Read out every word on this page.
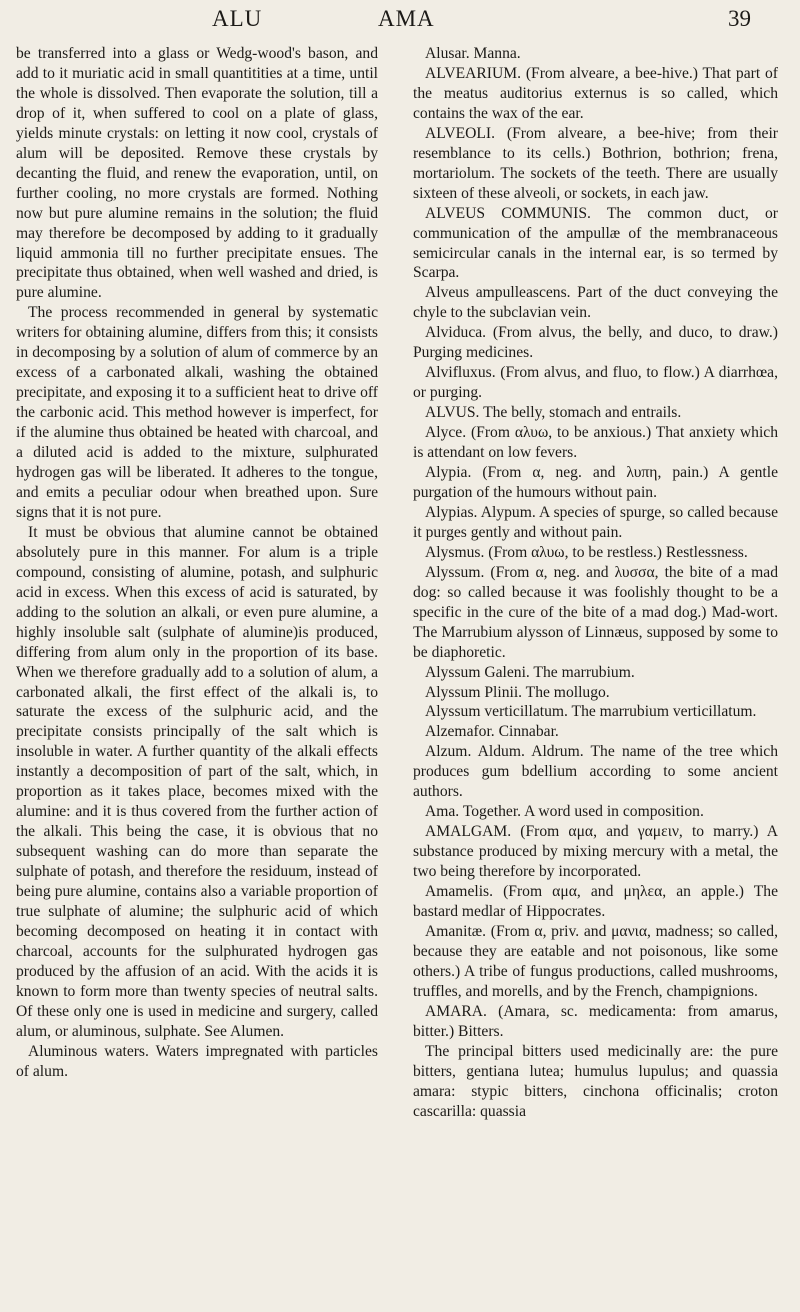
ALU	AMA	39

be transferred into a glass or Wedg-wood's bason, and add to it muriatic acid in small quantitities at a time, until the whole is dissolved. Then evaporate the solution, till a drop of it, when suffered to cool on a plate of glass, yields minute crystals: on letting it now cool, crystals of alum will be deposited. Remove these crystals by decanting the fluid, and renew the evaporation, until, on further cooling, no more crystals are formed. Nothing now but pure alumine remains in the solution; the fluid may therefore be decomposed by adding to it gradually liquid ammonia till no further precipitate ensues. The precipitate thus obtained, when well washed and dried, is pure alumine.

The process recommended in general by systematic writers for obtaining alumine, differs from this; it consists in decomposing by a solution of alum of commerce by an excess of a carbonated alkali, washing the obtained precipitate, and exposing it to a sufficient heat to drive off the carbonic acid. This method however is imperfect, for if the alumine thus obtained be heated with charcoal, and a diluted acid is added to the mixture, sulphurated hydrogen gas will be liberated. It adheres to the tongue, and emits a peculiar odour when breathed upon. Sure signs that it is not pure.

It must be obvious that alumine cannot be obtained absolutely pure in this manner. For alum is a triple compound, consisting of alumine, potash, and sulphuric acid in excess. When this excess of acid is saturated, by adding to the solution an alkali, or even pure alumine, a highly insoluble salt (sulphate of alumine)is produced, differing from alum only in the proportion of its base. When we therefore gradually add to a solution of alum, a carbonated alkali, the first effect of the alkali is, to saturate the excess of the sulphuric acid, and the precipitate consists principally of the salt which is insoluble in water. A further quantity of the alkali effects instantly a decomposition of part of the salt, which, in proportion as it takes place, becomes mixed with the alumine: and it is thus covered from the further action of the alkali. This being the case, it is obvious that no subsequent washing can do more than separate the sulphate of potash, and therefore the residuum, instead of being pure alumine, contains also a variable proportion of true sulphate of alumine; the sulphuric acid of which becoming decomposed on heating it in contact with charcoal, accounts for the sulphurated hydrogen gas produced by the affusion of an acid. With the acids it is known to form more than twenty species of neutral salts. Of these only one is used in medicine and surgery, called alum, or aluminous, sulphate. See Alumen.

Aluminous waters. Waters impregnated with particles of alum.

Alusar. Manna.

ALVEARIUM. (From alveare, a bee-hive.) That part of the meatus auditorius externus is so called, which contains the wax of the ear.

ALVEOLI. (From alveare, a bee-hive; from their resemblance to its cells.) Bothrion, bothrion; frena, mortariolum. The sockets of the teeth. There are usually sixteen of these alveoli, or sockets, in each jaw.

ALVEUS COMMUNIS. The common duct, or communication of the ampullæ of the membranaceous semicircular canals in the internal ear, is so termed by Scarpa.

Alveus ampulleascens. Part of the duct conveying the chyle to the subclavian vein.

Alviducа. (From alvus, the belly, and duco, to draw.) Purging medicines.

Alvifluxus. (From alvus, and fluo, to flow.) A diarrhœa, or purging.

ALVUS. The belly, stomach and entrails.

Alyce. (From αλυω, to be anxious.) That anxiety which is attendant on low fevers.

Alypia. (From α, neg. and λυπη, pain.) A gentle purgation of the humours without pain.

Alypias. Alypum. A species of spurge, so called because it purges gently and without pain.

Alysmus. (From αλυω, to be restless.) Restlessness.

Alyssum. (From α, neg. and λυσσα, the bite of a mad dog: so called because it was foolishly thought to be a specific in the cure of the bite of a mad dog.) Mad-wort. The Marrubium alysson of Linnæus, supposed by some to be diaphoretic.

Alyssum Galeni. The marrubium.

Alyssum Plinii. The mollugo.

Alyssum verticillatum. The marrubium verticillatum.

Alzemafor. Cinnabar.

Alzum. Aldum. Aldrum. The name of the tree which produces gum bdellium according to some ancient authors.

Ama. Together. A word used in composition.

AMALGAM. (From αμα, and γαμειν, to marry.) A substance produced by mixing mercury with a metal, the two being therefore by incorporated.

Amamelis. (From αμα, and μηλεα, an apple.) The bastard medlar of Hippocrates.

Amanitæ. (From α, priv. and μανια, madness; so called, because they are eatable and not poisonous, like some others.) A tribe of fungus productions, called mushrooms, truffles, and morells, and by the French, champignions.

AMARA. (Amara, sc. medicamenta: from amarus, bitter.) Bitters.

The principal bitters used medicinally are: the pure bitters, gentiana lutea; humulus lupulus; and quassia amara: stypic bitters, cinchona officinalis; croton cascarilla: quassia
